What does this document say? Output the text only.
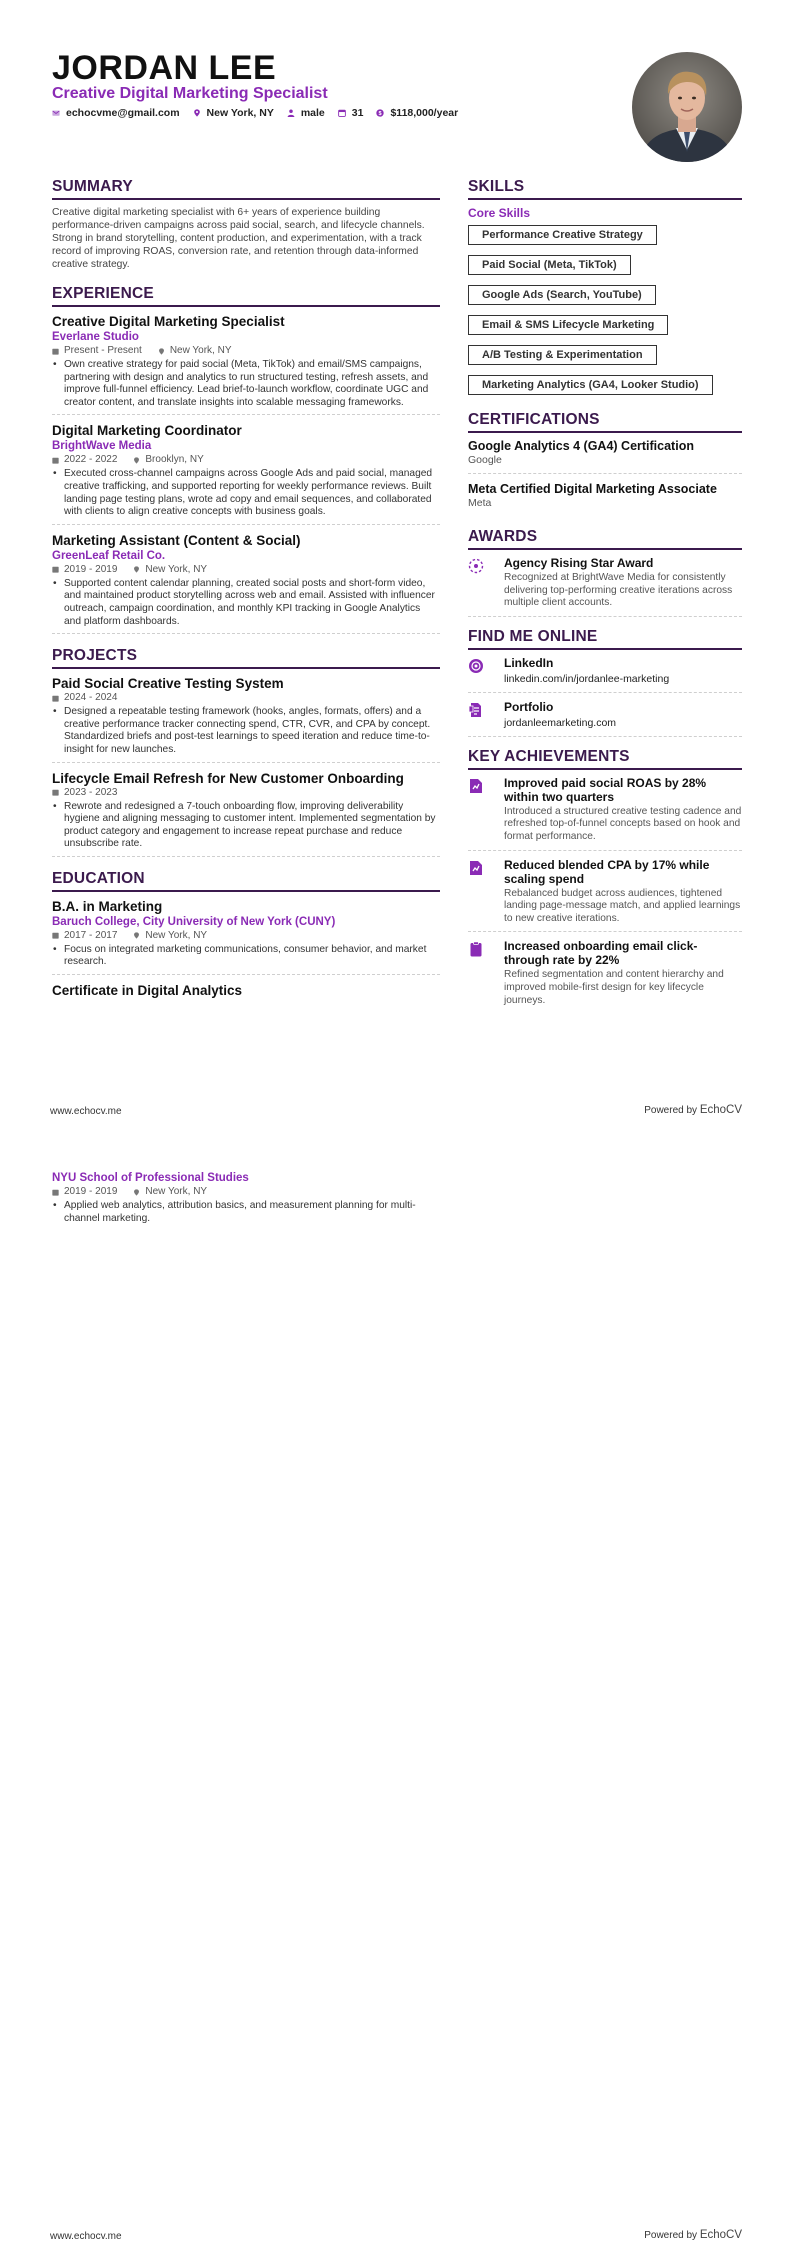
JORDAN LEE
Creative Digital Marketing Specialist
echocvme@gmail.com	New York, NY	male	31 $ $118,000/year
SUMMARY

Creative digital marketing specialist with 6+ years of experience building performance-driven campaigns across paid social, search, and lifecycle channels. Strong in brand storytelling, content production, and experimentation, with a track record of improving ROAS, conversion rate, and retention through data-informed creative strategy.

EXPERIENCE
Creative Digital Marketing Specialist
Everlane Studio
Present - Present	New York, NY

• Own creative strategy for paid social (Meta, TikTok) and email/SMS campaigns, partnering with design and analytics to run structured testing, refresh assets, and improve full-funnel efficiency. Lead brief-to-launch workflow, coordinate UGC and creator content, and translate insights into scalable messaging frameworks.

Digital Marketing Coordinator
BrightWave Media
2022 - 2022	Brooklyn, NY

• Executed cross-channel campaigns across Google Ads and paid social, managed creative trafficking, and supported reporting for weekly performance reviews. Built landing page testing plans, wrote ad copy and email sequences, and collaborated with clients to align creative concepts with business goals.

Marketing Assistant (Content & Social)
GreenLeaf Retail Co.
2019 - 2019	New York, NY

• Supported content calendar planning, created social posts and short-form video, and maintained product storytelling across web and email. Assisted with influencer outreach, campaign coordination, and monthly KPI tracking in Google Analytics and platform dashboards.

PROJECTS
Paid Social Creative Testing System
2024 - 2024

• Designed a repeatable testing framework (hooks, angles, formats, offers) and a creative performance tracker connecting spend, CTR, CVR, and CPA by concept. Standardized briefs and post-test learnings to speed iteration and reduce time-to-insight for new launches.

Lifecycle Email Refresh for New Customer Onboarding
2023 - 2023

• Rewrote and redesigned a 7-touch onboarding flow, improving deliverability hygiene and aligning messaging to customer intent. Implemented segmentation by product category and engagement to increase repeat purchase and reduce unsubscribe rate.

EDUCATION
B.A. in Marketing
Baruch College, City University of New York (CUNY)
2017 - 2017	New York, NY

• Focus on integrated marketing communications, consumer behavior, and market research.

Certificate in Digital Analytics
SKILLS
Core Skills
Performance Creative Strategy
Paid Social (Meta, TikTok)
Google Ads (Search, YouTube)
Email & SMS Lifecycle Marketing
A/B Testing & Experimentation
Marketing Analytics (GA4, Looker Studio)
CERTIFICATIONS
Google Analytics 4 (GA4) Certification
Google
Meta Certified Digital Marketing Associate
Meta
AWARDS
Agency Rising Star Award
Recognized at BrightWave Media for consistently delivering top-performing creative iterations across multiple client accounts.
FIND ME ONLINE
LinkedIn
linkedin.com/in/jordanlee-marketing
Portfolio
jordanleemarketing.com
KEY ACHIEVEMENTS
Improved paid social ROAS by 28% within two quarters
Introduced a structured creative testing cadence and refreshed top-of-funnel concepts based on hook and format performance.
Reduced blended CPA by 17% while scaling spend
Rebalanced budget across audiences, tightened landing page-message match, and applied learnings to new creative iterations.
Increased onboarding email click-through rate by 22%
Refined segmentation and content hierarchy and improved mobile-first design for key lifecycle journeys.
www.echocv.me	Powered by EchoCV
NYU School of Professional Studies
2019 - 2019	New York, NY

• Applied web analytics, attribution basics, and measurement planning for multi-channel marketing.

www.echocv.me	Powered by EchoCV
